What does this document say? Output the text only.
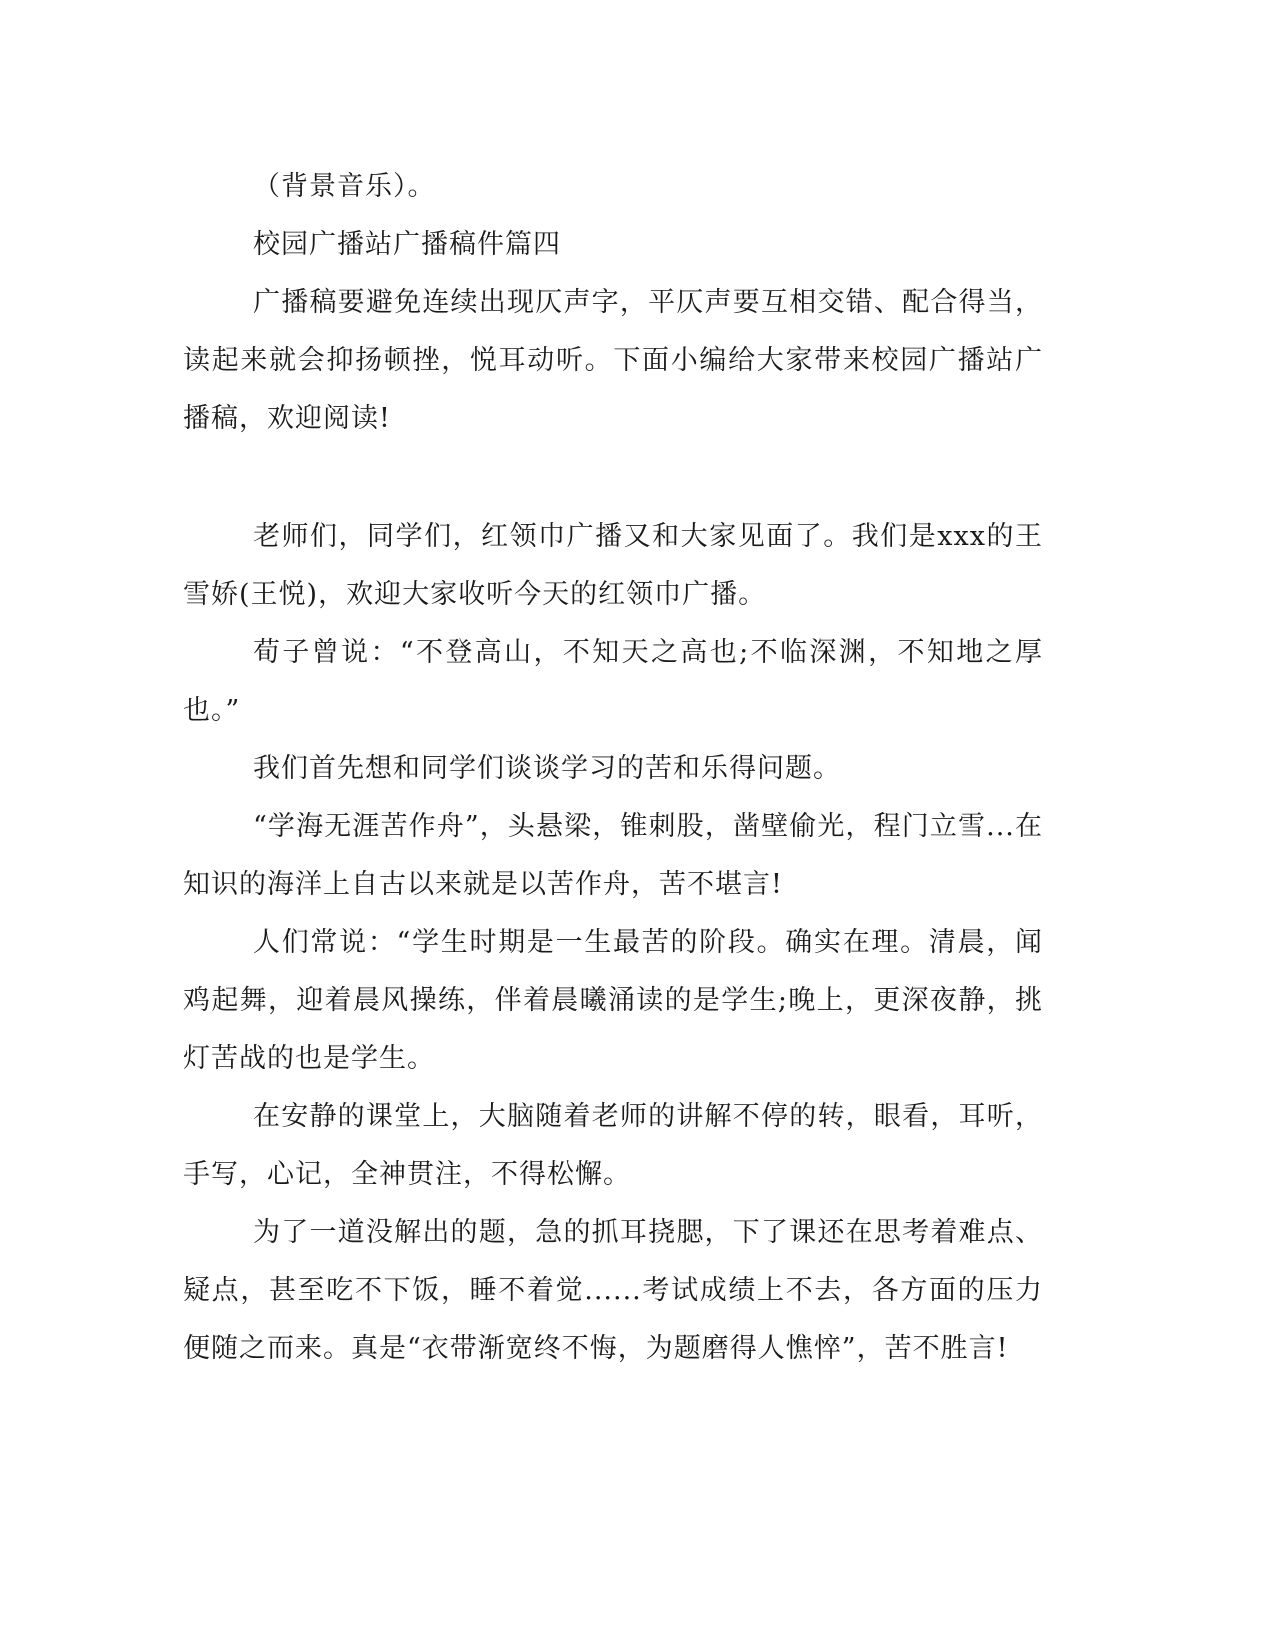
（背景音乐）。

校园广播站广播稿件篇四

广播稿要避免连续出现仄声字，平仄声要互相交错、配合得当，读起来就会抑扬顿挫，悦耳动听。下面小编给大家带来校园广播站广播稿，欢迎阅读!

老师们，同学们，红领巾广播又和大家见面了。我们是xxx的王雪娇(王悦)，欢迎大家收听今天的红领巾广播。

荀子曾说：“不登高山，不知天之高也;不临深渊，不知地之厚也。”

我们首先想和同学们谈谈学习的苦和乐得问题。

“学海无涯苦作舟”，头悬梁，锥刺股，凿壁偷光，程门立雪...在知识的海洋上自古以来就是以苦作舟，苦不堪言!

人们常说：“学生时期是一生最苦的阶段。确实在理。清晨，闻鸡起舞，迎着晨风操练，伴着晨曦涌读的是学生;晚上，更深夜静，挑灯苦战的也是学生。

在安静的课堂上，大脑随着老师的讲解不停的转，眼看，耳听，手写，心记，全神贯注，不得松懈。

为了一道没解出的题，急的抓耳挠腮，下了课还在思考着难点、疑点，甚至吃不下饭，睡不着觉......考试成绩上不去，各方面的压力便随之而来。真是“衣带渐宽终不悔，为题磨得人憔悴”，苦不胜言!
